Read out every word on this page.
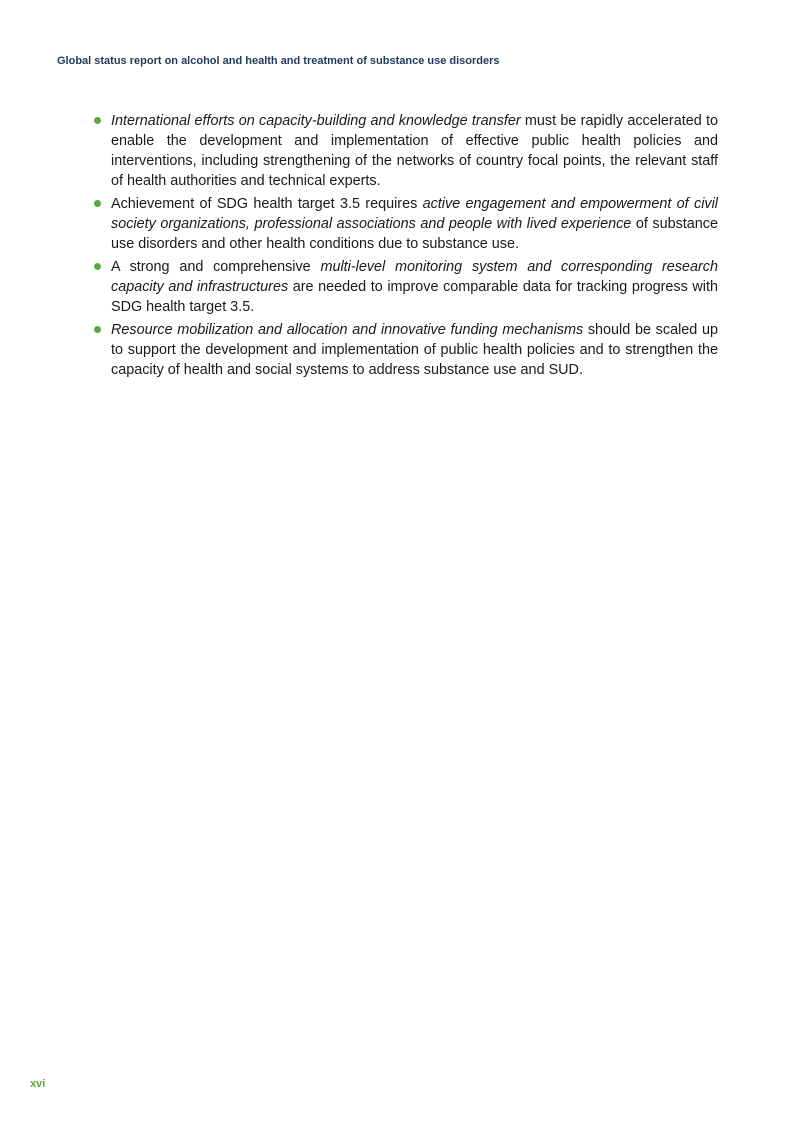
Global status report on alcohol and health and treatment of substance use disorders
International efforts on capacity-building and knowledge transfer must be rapidly accelerated to enable the development and implementation of effective public health policies and interventions, including strengthening of the networks of country focal points, the relevant staff of health authorities and technical experts.
Achievement of SDG health target 3.5 requires active engagement and empowerment of civil society organizations, professional associations and people with lived experience of substance use disorders and other health conditions due to substance use.
A strong and comprehensive multi-level monitoring system and corresponding research capacity and infrastructures are needed to improve comparable data for tracking progress with SDG health target 3.5.
Resource mobilization and allocation and innovative funding mechanisms should be scaled up to support the development and implementation of public health policies and to strengthen the capacity of health and social systems to address substance use and SUD.
xvi
